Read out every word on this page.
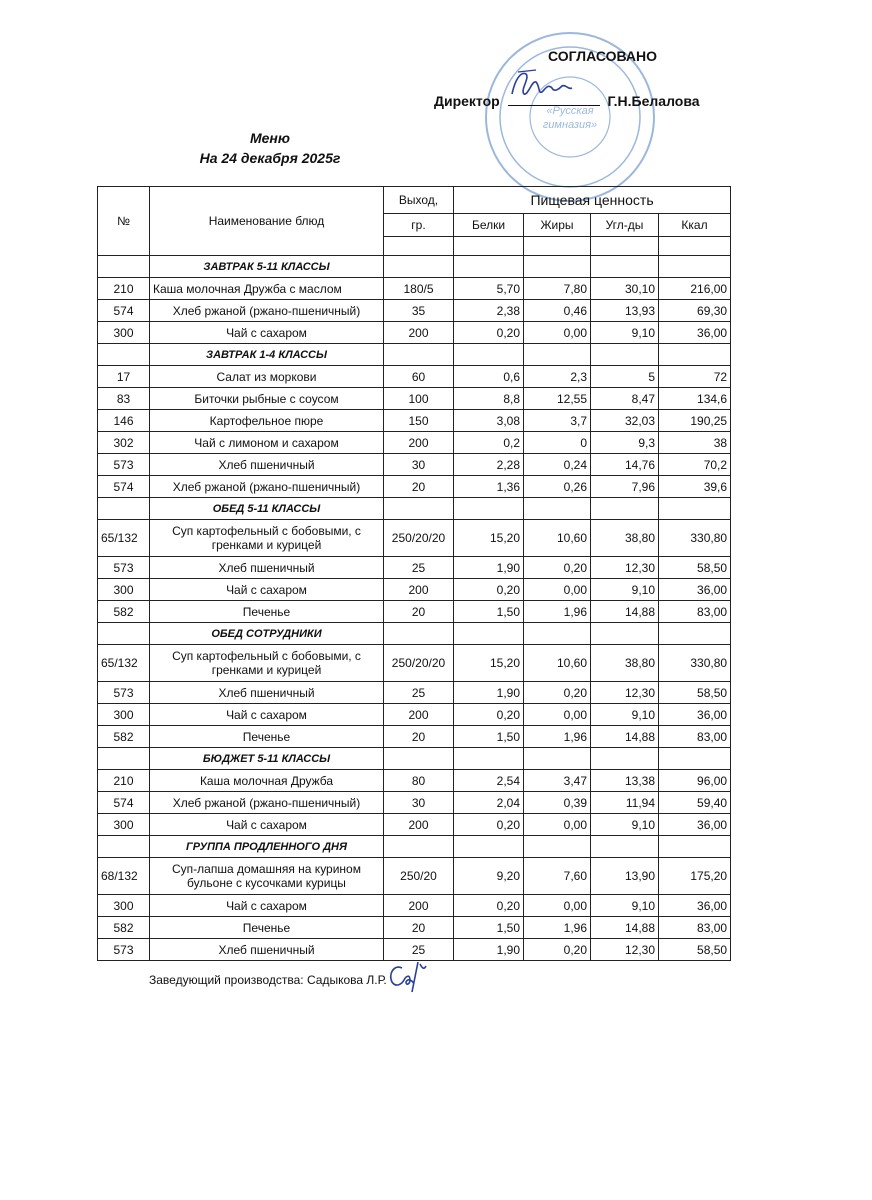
«Русская
гимназия»
СОГЛАСОВАНО
Директор	Г.Н.Белалова
Меню
На 24 декабря 2025г
№	Наименование блюд	Выход,	Пищевая ценность			
		гр.	Белки	Жиры	Угл-ды	Ккал

	ЗАВТРАК 5-11 КЛАССЫ					
210	Каша молочная Дружба с маслом	180/5	5,70	7,80	30,10	216,00
574	Хлеб ржаной (ржано-пшеничный)	35	2,38	0,46	13,93	69,30
300	Чай с сахаром	200	0,20	0,00	9,10	36,00
	ЗАВТРАК 1-4 КЛАССЫ					
17	Салат из моркови	60	0,6	2,3	5	72
83	Биточки рыбные с соусом	100	8,8	12,55	8,47	134,6
146	Картофельное пюре	150	3,08	3,7	32,03	190,25
302	Чай с лимоном и сахаром	200	0,2	0	9,3	38
573	Хлеб пшеничный	30	2,28	0,24	14,76	70,2
574	Хлеб ржаной (ржано-пшеничный)	20	1,36	0,26	7,96	39,6
	ОБЕД 5-11 КЛАССЫ					
65/132	Суп картофельный с бобовыми, с гренками и курицей	250/20/20	15,20	10,60	38,80	330,80
573	Хлеб пшеничный	25	1,90	0,20	12,30	58,50
300	Чай с сахаром	200	0,20	0,00	9,10	36,00
582	Печенье	20	1,50	1,96	14,88	83,00
	ОБЕД СОТРУДНИКИ					
65/132	Суп картофельный с бобовыми, с гренками и курицей	250/20/20	15,20	10,60	38,80	330,80
573	Хлеб пшеничный	25	1,90	0,20	12,30	58,50
300	Чай с сахаром	200	0,20	0,00	9,10	36,00
582	Печенье	20	1,50	1,96	14,88	83,00
	БЮДЖЕТ 5-11 КЛАССЫ					
210	Каша молочная Дружба	80	2,54	3,47	13,38	96,00
574	Хлеб ржаной (ржано-пшеничный)	30	2,04	0,39	11,94	59,40
300	Чай с сахаром	200	0,20	0,00	9,10	36,00
	ГРУППА ПРОДЛЕННОГО ДНЯ					
68/132	Суп-лапша домашняя на курином бульоне с кусочками курицы	250/20	9,20	7,60	13,90	175,20
300	Чай с сахаром	200	0,20	0,00	9,10	36,00
582	Печенье	20	1,50	1,96	14,88	83,00
573	Хлеб пшеничный	25	1,90	0,20	12,30	58,50
Заведующий производства: Садыкова Л.Р.
